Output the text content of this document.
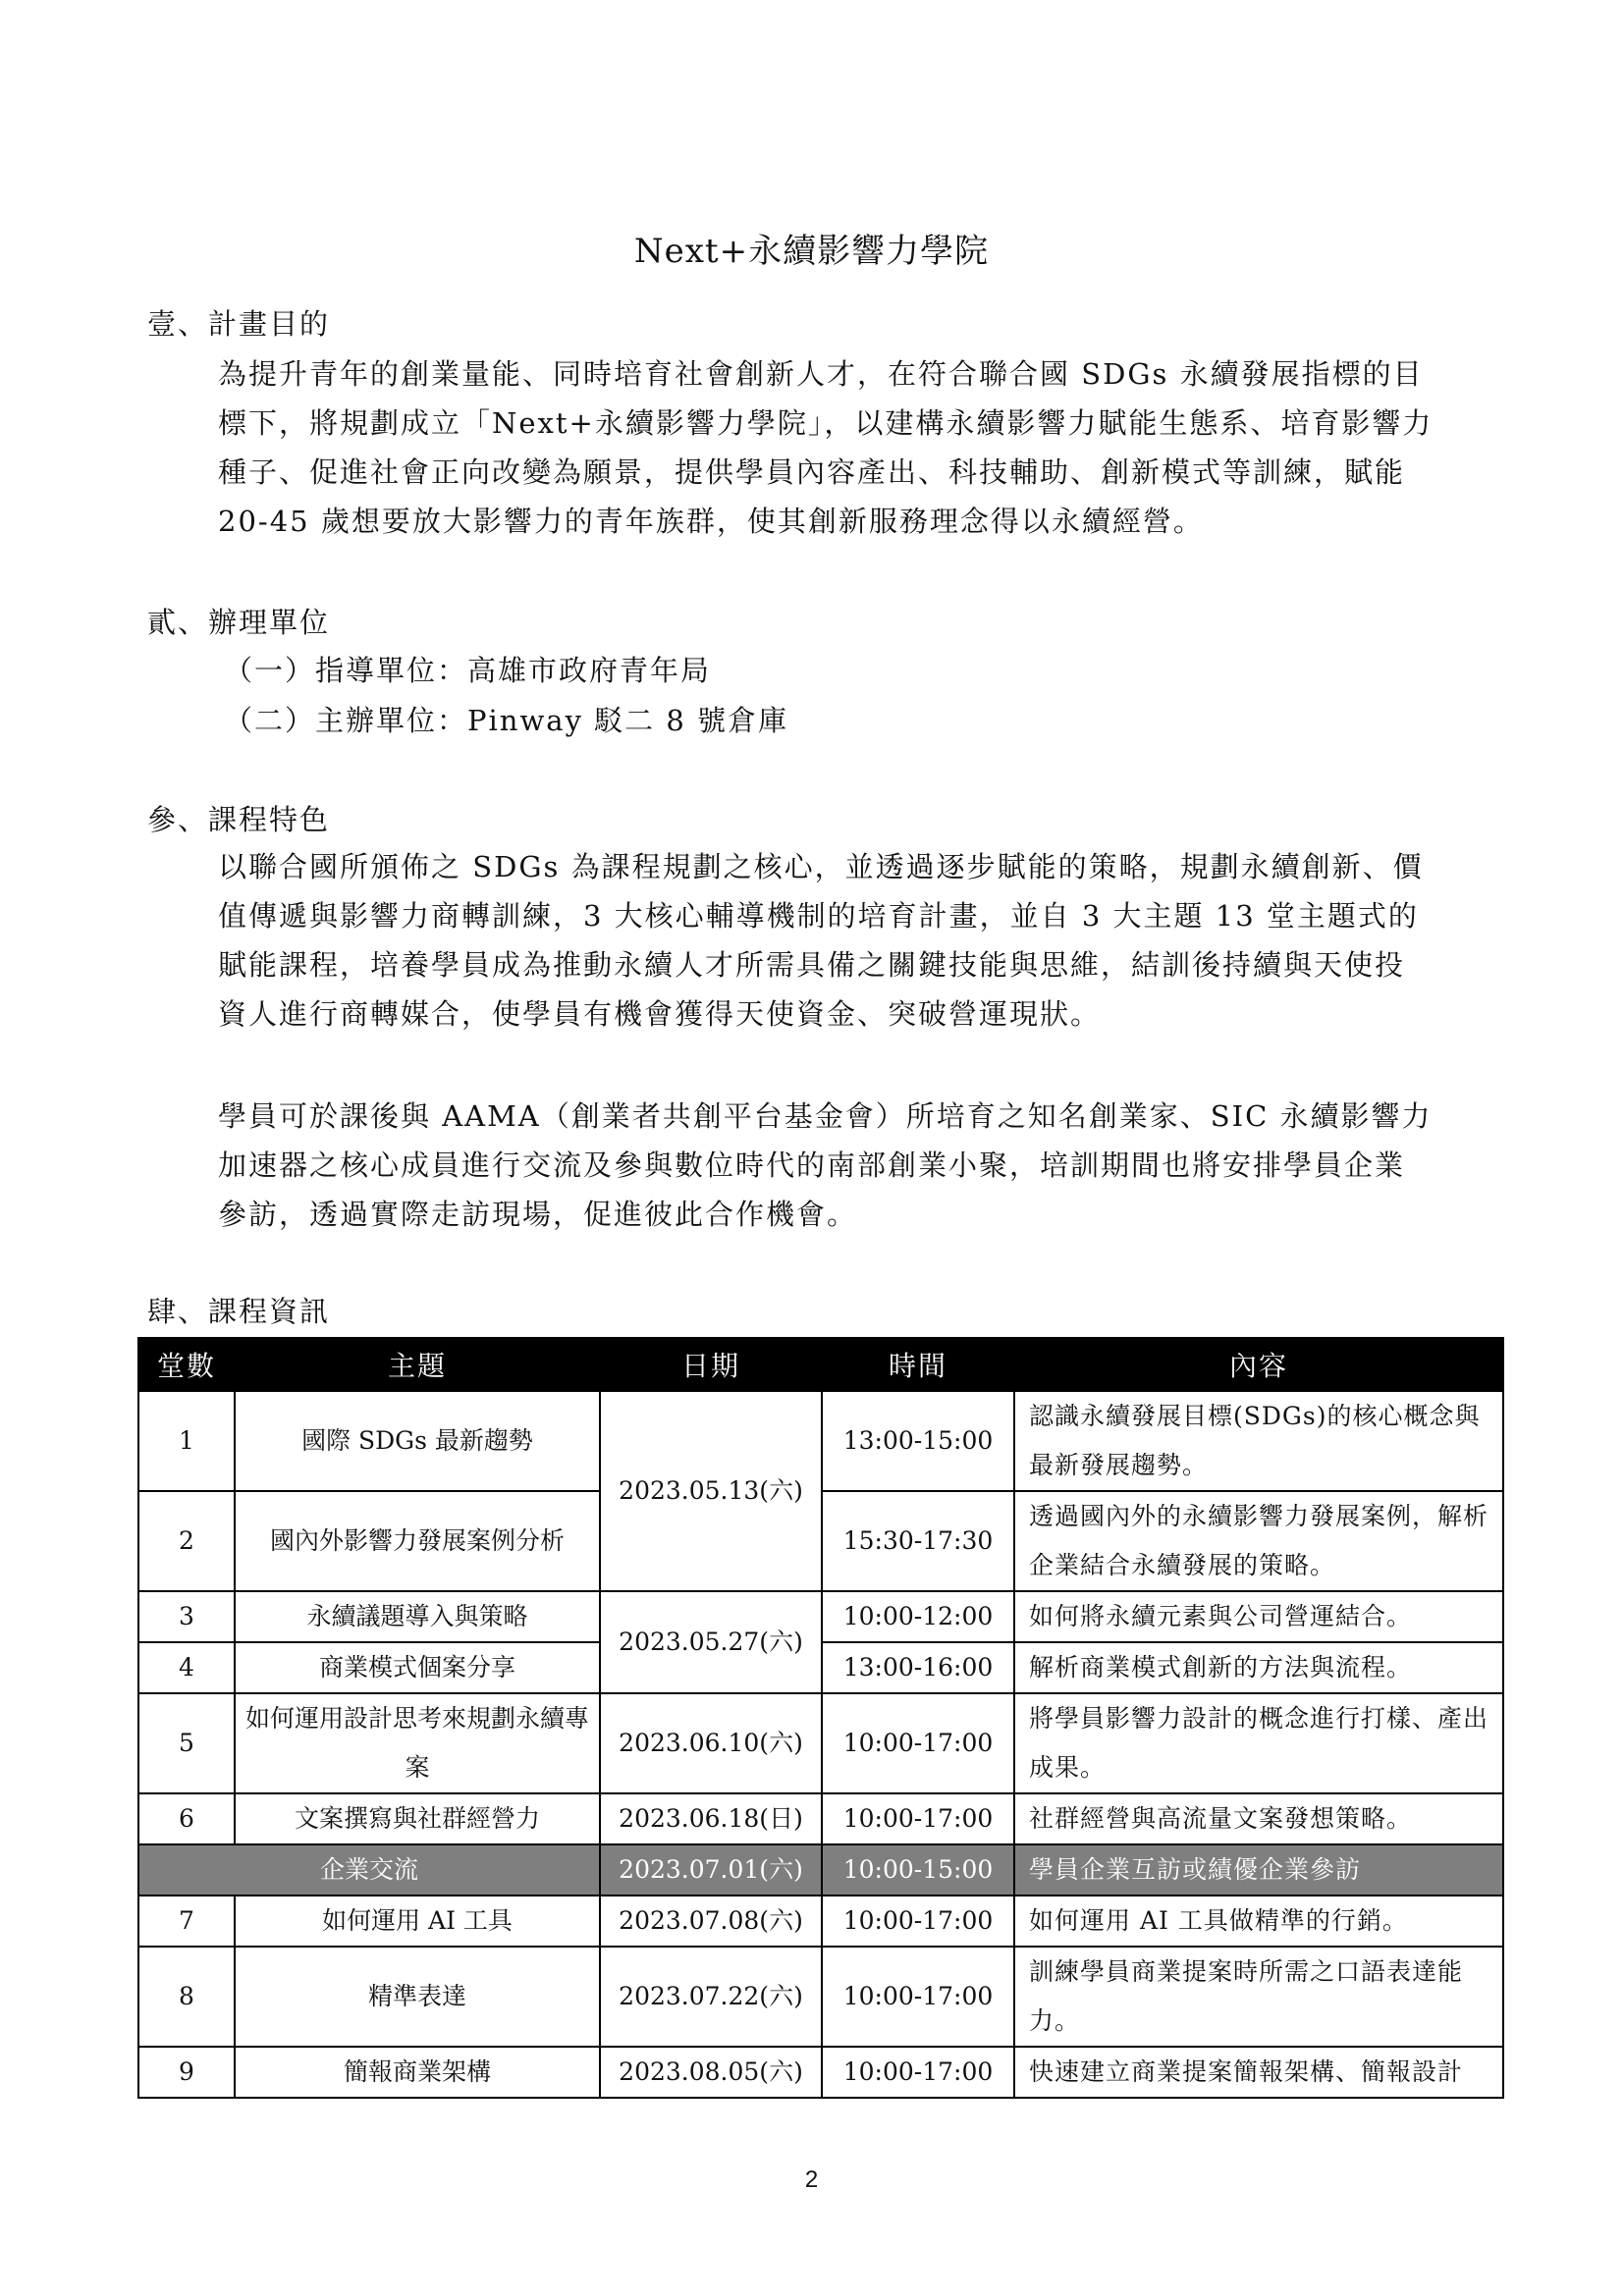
Next+永續影響力學院
壹、計畫目的
為提升青年的創業量能、同時培育社會創新人才，在符合聯合國 SDGs 永續發展指標的目
標下，將規劃成立「Next+永續影響力學院」，以建構永續影響力賦能生態系、培育影響力
種子、促進社會正向改變為願景，提供學員內容產出、科技輔助、創新模式等訓練，賦能
20-45 歲想要放大影響力的青年族群，使其創新服務理念得以永續經營。
貳、辦理單位
（一）指導單位：高雄市政府青年局
（二）主辦單位：Pinway 駁二 8 號倉庫
參、課程特色
以聯合國所頒佈之 SDGs 為課程規劃之核心，並透過逐步賦能的策略，規劃永續創新、價
值傳遞與影響力商轉訓練，3 大核心輔導機制的培育計畫，並自 3 大主題 13 堂主題式的
賦能課程，培養學員成為推動永續人才所需具備之關鍵技能與思維，結訓後持續與天使投
資人進行商轉媒合，使學員有機會獲得天使資金、突破營運現狀。
學員可於課後與 AAMA（創業者共創平台基金會）所培育之知名創業家、SIC 永續影響力
加速器之核心成員進行交流及參與數位時代的南部創業小聚，培訓期間也將安排學員企業
參訪，透過實際走訪現場，促進彼此合作機會。
肆、課程資訊
堂數	主題	日期	時間	內容
1	國際 SDGs 最新趨勢	2023.05.13(六)	13:00-15:00	認識永續發展目標(SDGs)的核心概念與最新發展趨勢。
2	國內外影響力發展案例分析		15:30-17:30	透過國內外的永續影響力發展案例，解析企業結合永續發展的策略。
3	永續議題導入與策略	2023.05.27(六)	10:00-12:00	如何將永續元素與公司營運結合。
4	商業模式個案分享		13:00-16:00	解析商業模式創新的方法與流程。
5	如何運用設計思考來規劃永續專案	2023.06.10(六)	10:00-17:00	將學員影響力設計的概念進行打樣、產出成果。
6	文案撰寫與社群經營力	2023.06.18(日)	10:00-17:00	社群經營與高流量文案發想策略。
企業交流		2023.07.01(六)	10:00-15:00	學員企業互訪或績優企業參訪
7	如何運用 AI 工具	2023.07.08(六)	10:00-17:00	如何運用 AI 工具做精準的行銷。
8	精準表達	2023.07.22(六)	10:00-17:00	訓練學員商業提案時所需之口語表達能力。
9	簡報商業架構	2023.08.05(六)	10:00-17:00	快速建立商業提案簡報架構、簡報設計
2
